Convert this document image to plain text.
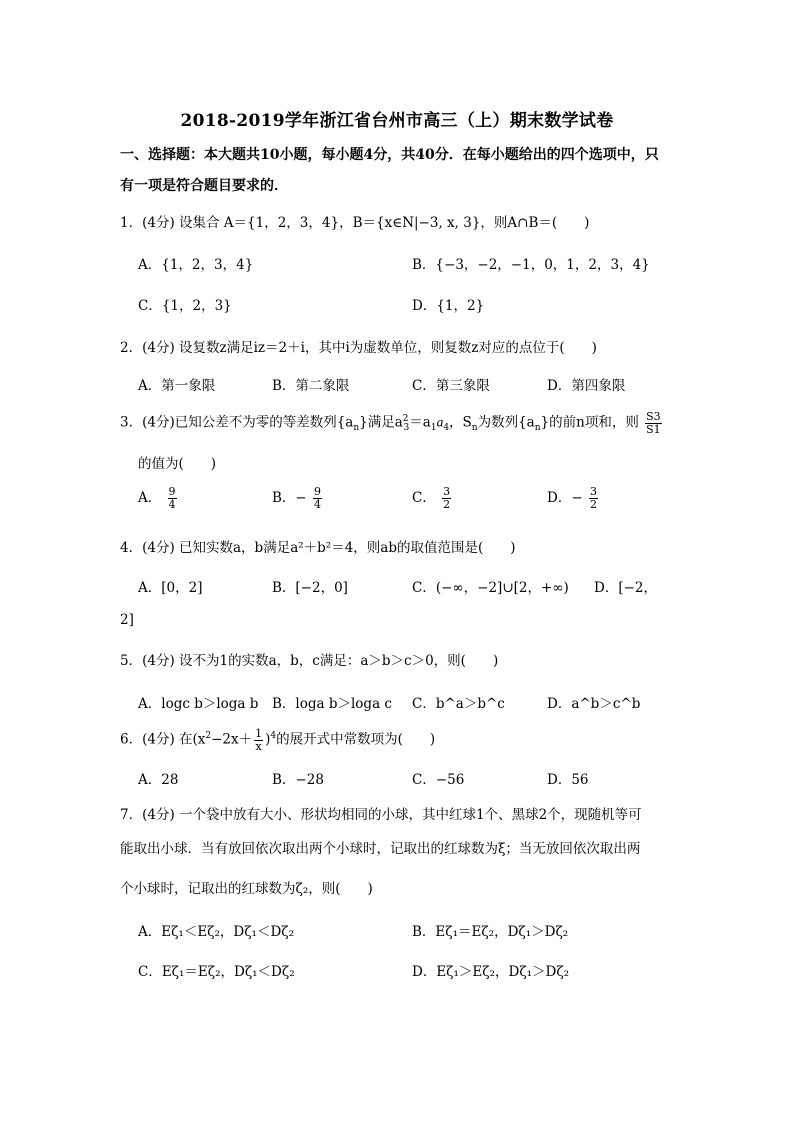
2018-2019学年浙江省台州市高三（上）期末数学试卷
一、选择题：本大题共10小题，每小题4分，共40分．在每小题给出的四个选项中，只
有一项是符合题目要求的．
1．(4分) 设集合 A＝{1，2，3，4}，B＝{x∈N|−3, x, 3}，则A∩B＝(　　)
A．{1，2，3，4}	B．{−3，−2，−1，0，1，2，3，4}
C．{1，2，3}	D．{1，2}
2．(4分) 设复数z满足iz＝2＋i，其中i为虚数单位，则复数z对应的点位于(　　)
A．第一象限	B．第二象限	C．第三象限	D．第四象限
3．(4分)已知公差不为零的等差数列$\{a_n\}$满足$a^2_3=a_1a_4$，$S_n$为数列$\{a_n\}$的前n项和，则 $\frac{S3}{S1}$
的值为(　　)
A． $\frac{9}{4}$	B．− $\frac{9}{4}$	C． $\frac{3}{2}$	D．− $\frac{3}{2}$
4．(4分) 已知实数a，b满足a²＋b²＝4，则ab的取值范围是(　　)
A．[0，2]	B．[−2，0]	C．(−∞，−2]∪[2，+∞) D．[−2，
2]
5．(4分) 设不为1的实数a，b，c满足：a＞b＞c＞0，则(　　)
A．logc b＞loga b B．loga b＞loga c C．b^a＞b^c	D．a^b＞c^b
6．(4分) 在$(x^2-2x+ \frac{1}{x} )^4$的展开式中常数项为(　　)
A．28	B．−28	C．−56	D．56
7．(4分) 一个袋中放有大小、形状均相同的小球，其中红球1个、黑球2个，现随机等可
能取出小球．当有放回依次取出两个小球时，记取出的红球数为ξ；当无放回依次取出两
个小球时，记取出的红球数为ζ₂，则(　　)
A．Eζ₁＜Eζ₂，Dζ₁＜Dζ₂	B．Eζ₁＝Eζ₂，Dζ₁＞Dζ₂
C．Eζ₁＝Eζ₂，Dζ₁＜Dζ₂	D．Eζ₁＞Eζ₂，Dζ₁＞Dζ₂
